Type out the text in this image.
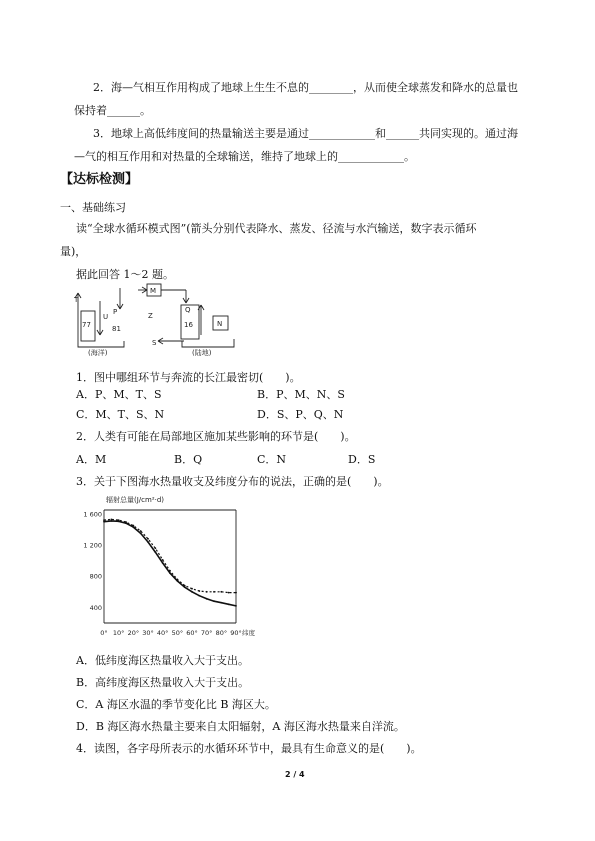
2．海—气相互作用构成了地球上生生不息的________，从而使全球蒸发和降水的总量也
保持着______。
3．地球上高低纬度间的热量输送主要是通过____________和______共同实现的。通过海
—气的相互作用和对热量的全球输送，维持了地球上的____________。
【达标检测】
一、基础练习
读“全球水循环模式图”(箭头分别代表降水、蒸发、径流与水汽输送，数字表示循环
量)，
据此回答 1～2 题。
T
77
U
P
81
M
Z
Q
16	N
S
(海洋)	(陆地)
1．图中哪组环节与奔流的长江最密切(　　)。
A．P、M、T、S	B．P、M、N、S
C．M、T、S、N	D．S、P、Q、N
2．人类有可能在局部地区施加某些影响的环节是(　　)。
A．M	B．Q	C．N	D．S
3．关于下图海水热量收支及纬度分布的说法，正确的是(　　)。
辐射总量(J/cm²·d)
1 600
1 200
800
400
0° 10° 20° 30° 40° 50° 60° 70° 80° 90° 纬度
A．低纬度海区热量收入大于支出。
B．高纬度海区热量收入大于支出。
C．A 海区水温的季节变化比 B 海区大。
D．B 海区海水热量主要来自太阳辐射，A 海区海水热量来自洋流。
4．读图，各字母所表示的水循环环节中，最具有生命意义的是(　　)。
2 / 4
